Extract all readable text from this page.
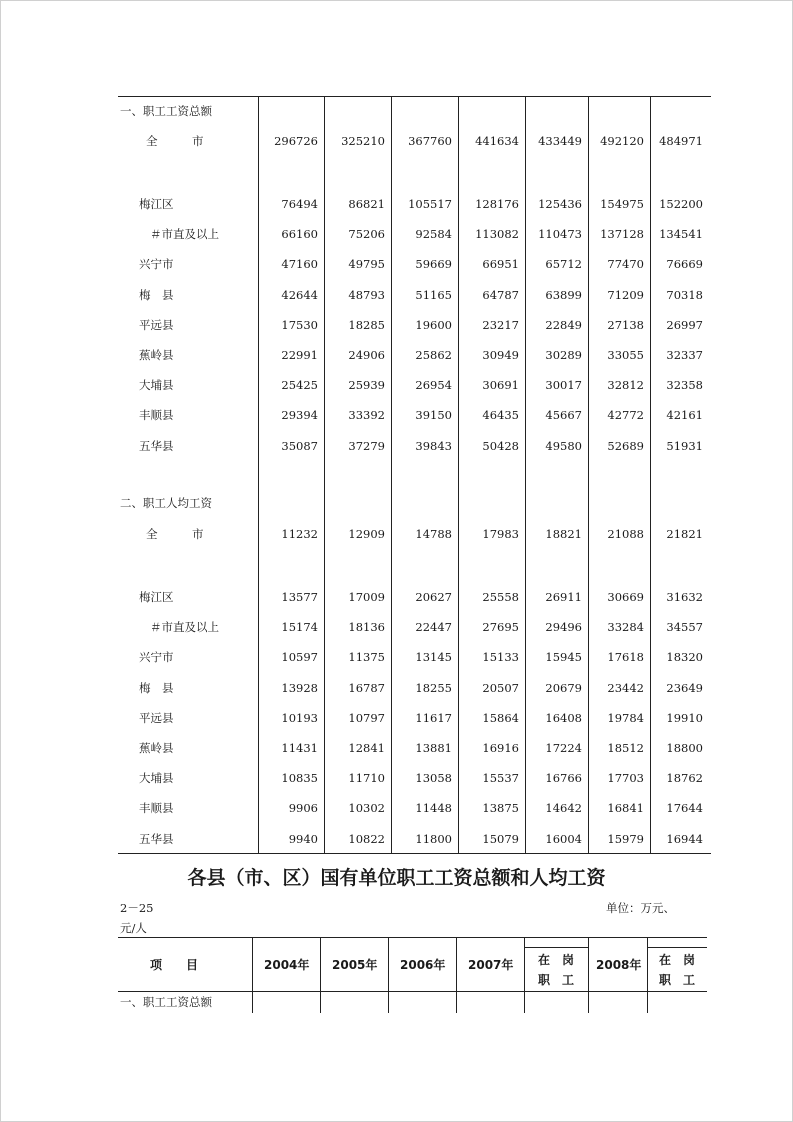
一、职工工资总额
全　　　市	296726	325210	367760	441634	433449	492120	484971
梅江区	76494	86821	105517	128176	125436	154975	152200
＃市直及以上	66160	75206	92584	113082	110473	137128	134541
兴宁市	47160	49795	59669	66951	65712	77470	76669
梅　县	42644	48793	51165	64787	63899	71209	70318
平远县	17530	18285	19600	23217	22849	27138	26997
蕉岭县	22991	24906	25862	30949	30289	33055	32337
大埔县	25425	25939	26954	30691	30017	32812	32358
丰顺县	29394	33392	39150	46435	45667	42772	42161
五华县	35087	37279	39843	50428	49580	52689	51931
二、职工人均工资
全　　　市	11232	12909	14788	17983	18821	21088	21821
梅江区	13577	17009	20627	25558	26911	30669	31632
＃市直及以上	15174	18136	22447	27695	29496	33284	34557
兴宁市	10597	11375	13145	15133	15945	17618	18320
梅　县	13928	16787	18255	20507	20679	23442	23649
平远县	10193	10797	11617	15864	16408	19784	19910
蕉岭县	11431	12841	13881	16916	17224	18512	18800
大埔县	10835	11710	13058	15537	16766	17703	18762
丰顺县	9906	10302	11448	13875	14642	16841	17644
五华县	9940	10822	11800	15079	16004	15979	16944
各县（市、区）国有单位职工工资总额和人均工资
2－25	单位：万元、
元/人
项　　目	2004年 2005年 2006年 2007年 在　岗
职　工
2008年 在　岗
职　工
一、职工工资总额
